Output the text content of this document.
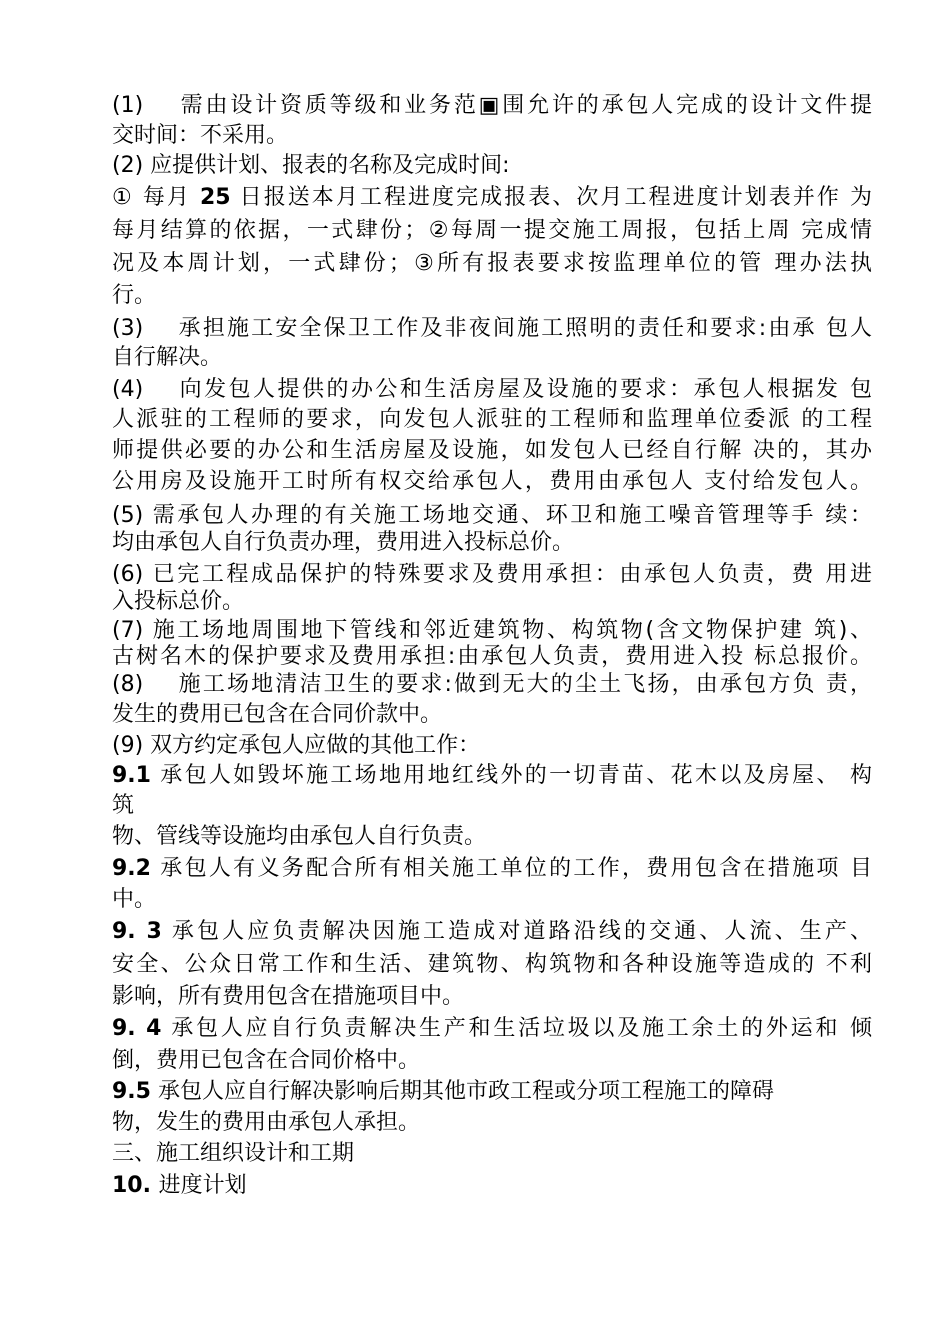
(1)　 需由设计资质等级和业务范▣围允许的承包人完成的设计文件提

交时间：不采用。

(2) 应提供计划、报表的名称及完成时间:

① 每月 25 日报送本月工程进度完成报表、次月工程进度计划表并作 为

每月结算的依据，一式肆份；②每周一提交施工周报，包括上周 完成情

况及本周计划，一式肆份；③所有报表要求按监理单位的管 理办法执

行。

(3)　 承担施工安全保卫工作及非夜间施工照明的责任和要求:由承 包人

自行解决。

(4)　 向发包人提供的办公和生活房屋及设施的要求：承包人根据发 包

人派驻的工程师的要求，向发包人派驻的工程师和监理单位委派 的工程

师提供必要的办公和生活房屋及设施，如发包人已经自行解 决的，其办

公用房及设施开工时所有权交给承包人，费用由承包人 支付给发包人。

(5) 需承包人办理的有关施工场地交通、环卫和施工噪音管理等手 续：

均由承包人自行负责办理，费用进入投标总价。

(6) 已完工程成品保护的特殊要求及费用承担：由承包人负责，费 用进

入投标总价。

(7) 施工场地周围地下管线和邻近建筑物、构筑物(含文物保护建 筑)、

古树名木的保护要求及费用承担:由承包人负责，费用进入投 标总报价。

(8)　 施工场地清洁卫生的要求:做到无大的尘土飞扬，由承包方负 责，

发生的费用已包含在合同价款中。

(9) 双方约定承包人应做的其他工作：

9.1 承包人如毁坏施工场地用地红线外的一切青苗、花木以及房屋、 构

筑

物、管线等设施均由承包人自行负责。

9.2 承包人有义务配合所有相关施工单位的工作，费用包含在措施项 目

中。

9. 3 承包人应负责解决因施工造成对道路沿线的交通、人流、生产、

安全、公众日常工作和生活、建筑物、构筑物和各种设施等造成的 不利

影响，所有费用包含在措施项目中。

9. 4 承包人应自行负责解决生产和生活垃圾以及施工余土的外运和 倾

倒，费用已包含在合同价格中。

9.5 承包人应自行解决影响后期其他市政工程或分项工程施工的障碍

物，发生的费用由承包人承担。

三、施工组织设计和工期

10. 进度计划
